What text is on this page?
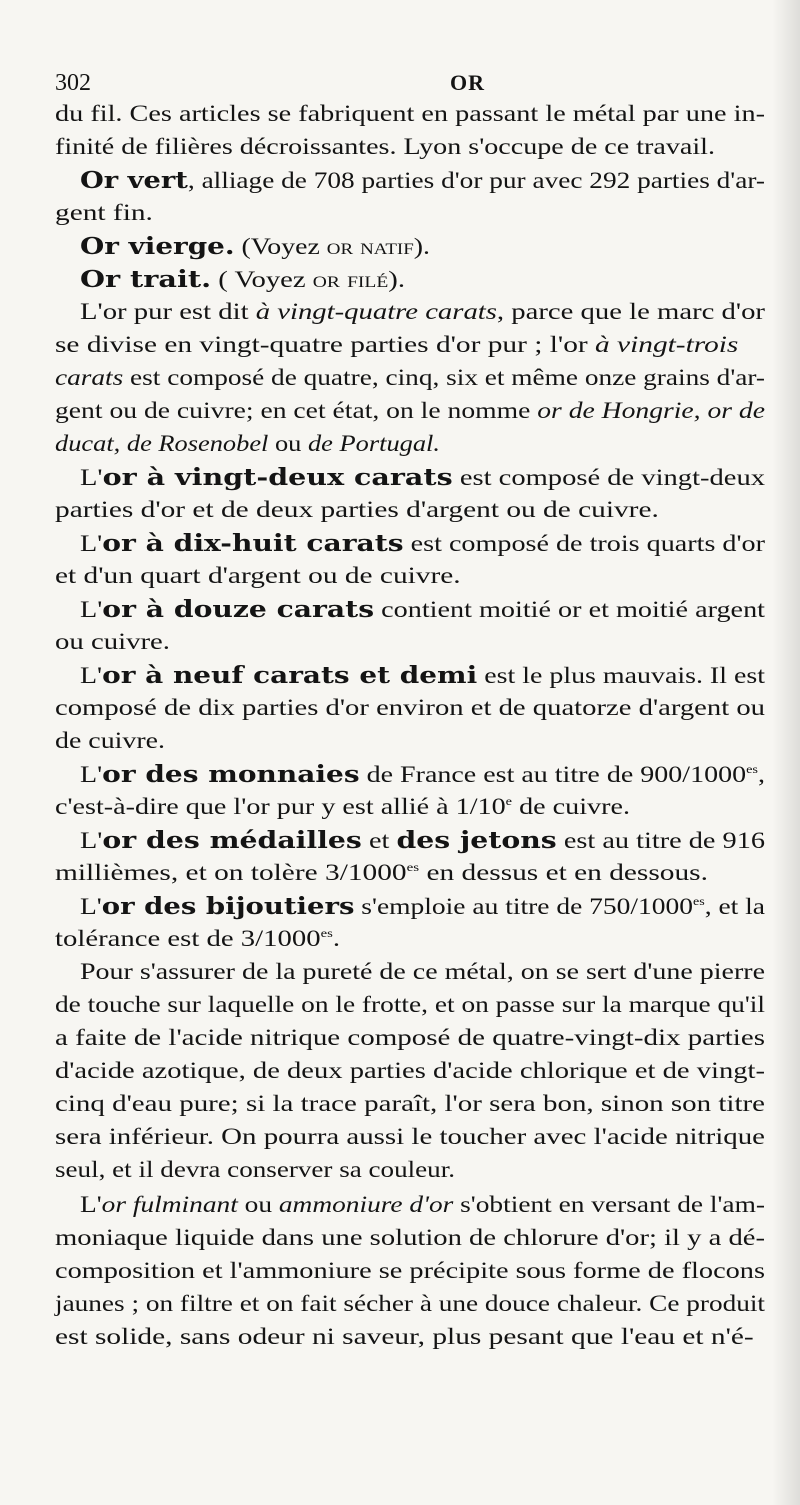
302	OR
du fil. Ces articles se fabriquent en passant le métal par une in-
finité de filières décroissantes. Lyon s'occupe de ce travail.
Or vert, alliage de 708 parties d'or pur avec 292 parties d'ar-
gent fin.
Or vierge. (Voyez or natif).
Or trait. ( Voyez or filé).
L'or pur est dit à vingt-quatre carats, parce que le marc d'or
se divise en vingt-quatre parties d'or pur ; l'or à vingt-trois
carats est composé de quatre, cinq, six et même onze grains d'ar-
gent ou de cuivre; en cet état, on le nomme or de Hongrie, or de
ducat, de Rosenobel ou de Portugal.
L'or à vingt-deux carats est composé de vingt-deux
parties d'or et de deux parties d'argent ou de cuivre.
L'or à dix-huit carats est composé de trois quarts d'or
et d'un quart d'argent ou de cuivre.
L'or à douze carats contient moitié or et moitié argent
ou cuivre.
L'or à neuf carats et demi est le plus mauvais. Il est
composé de dix parties d'or environ et de quatorze d'argent ou
de cuivre.
L'or des monnaies de France est au titre de $900/1000^{es}$,
c'est-à-dire que l'or pur y est allié à 1/10e de cuivre.
L'or des médailles et des jetons est au titre de 916
millièmes, et on tolère $3/1000^{es}$ en dessus et en dessous.
L'or des bijoutiers s'emploie au titre de $750/1000^{es}$, et la
tolérance est de $3/1000^{es}$.
Pour s'assurer de la pureté de ce métal, on se sert d'une pierre
de touche sur laquelle on le frotte, et on passe sur la marque qu'il
a faite de l'acide nitrique composé de quatre-vingt-dix parties
d'acide azotique, de deux parties d'acide chlorique et de vingt-
cinq d'eau pure; si la trace paraît, l'or sera bon, sinon son titre
sera inférieur. On pourra aussi le toucher avec l'acide nitrique
seul, et il devra conserver sa couleur.
L'or fulminant ou ammoniure d'or s'obtient en versant de l'am-
moniaque liquide dans une solution de chlorure d'or; il y a dé-
composition et l'ammoniure se précipite sous forme de flocons
jaunes ; on filtre et on fait sécher à une douce chaleur. Ce produit
est solide, sans odeur ni saveur, plus pesant que l'eau et n'é-
